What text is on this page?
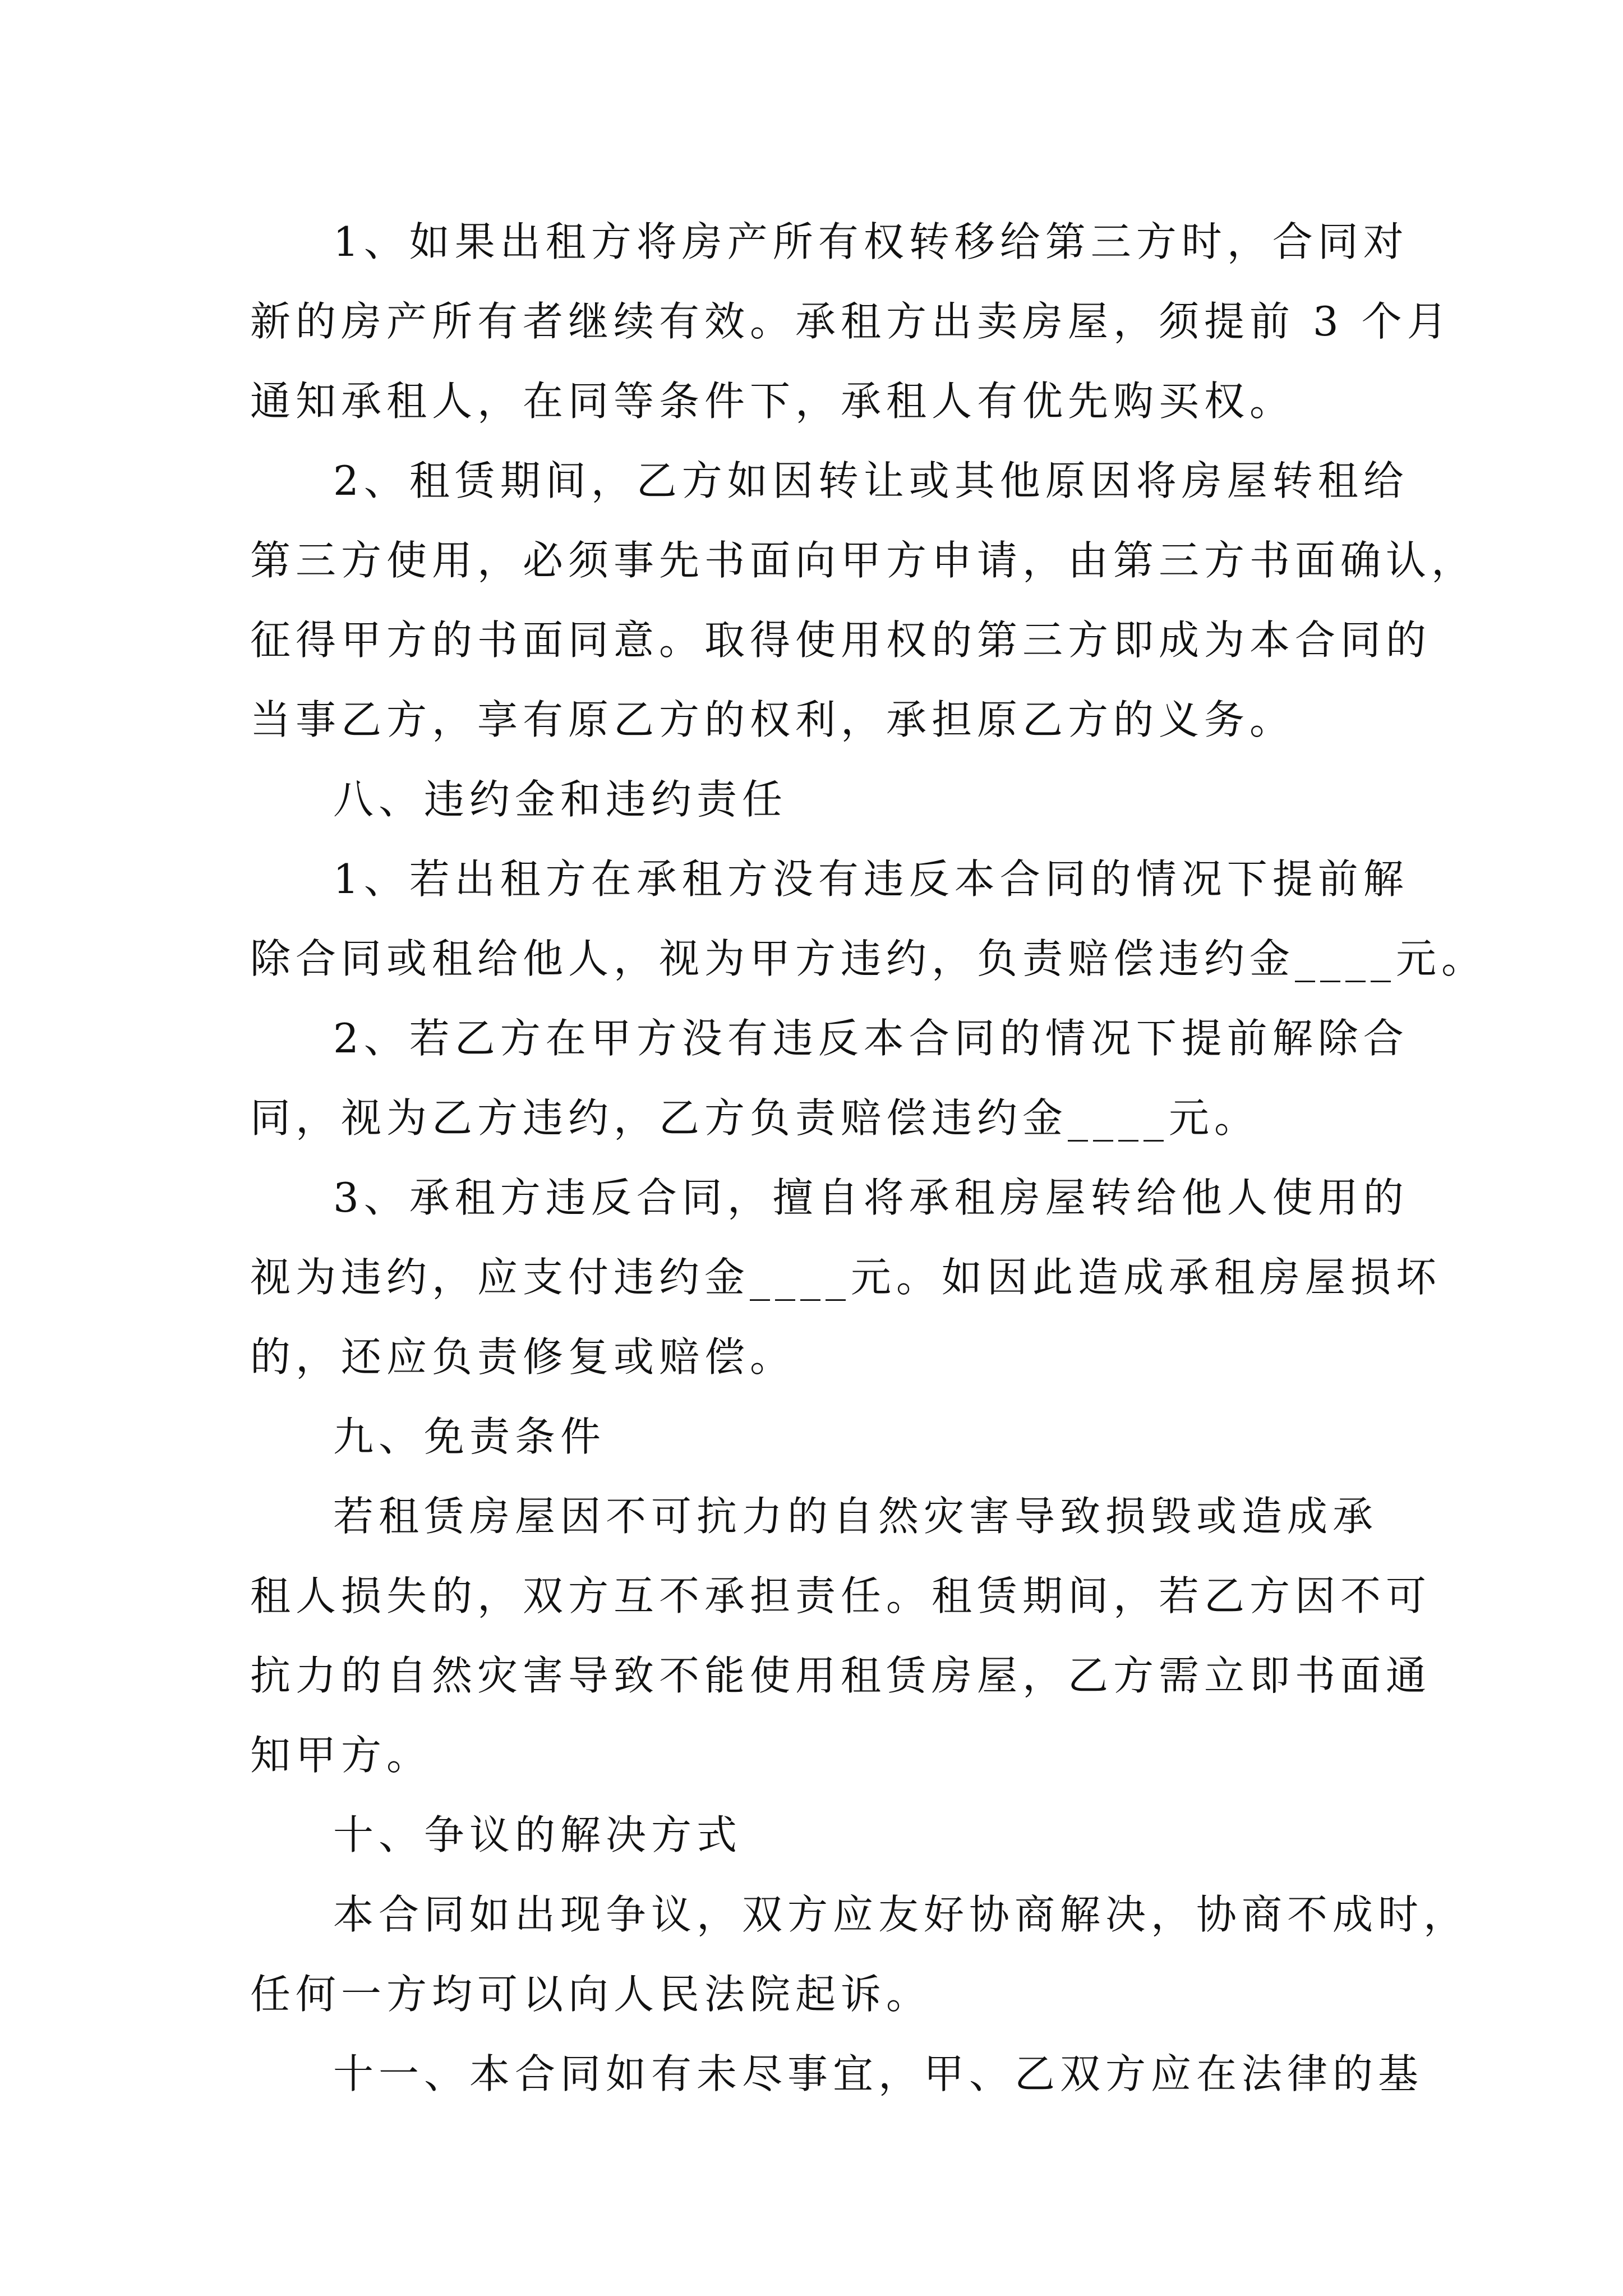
1、如果出租方将房产所有权转移给第三方时，合同对
新的房产所有者继续有效。承租方出卖房屋，须提前 3 个月
通知承租人，在同等条件下，承租人有优先购买权。
2、租赁期间，乙方如因转让或其他原因将房屋转租给
第三方使用，必须事先书面向甲方申请，由第三方书面确认，
征得甲方的书面同意。取得使用权的第三方即成为本合同的
当事乙方，享有原乙方的权利，承担原乙方的义务。
八、违约金和违约责任
1、若出租方在承租方没有违反本合同的情况下提前解
除合同或租给他人，视为甲方违约，负责赔偿违约金____元。
2、若乙方在甲方没有违反本合同的情况下提前解除合
同，视为乙方违约，乙方负责赔偿违约金____元。
3、承租方违反合同，擅自将承租房屋转给他人使用的
视为违约，应支付违约金____元。如因此造成承租房屋损坏
的，还应负责修复或赔偿。
九、免责条件
若租赁房屋因不可抗力的自然灾害导致损毁或造成承
租人损失的，双方互不承担责任。租赁期间，若乙方因不可
抗力的自然灾害导致不能使用租赁房屋，乙方需立即书面通
知甲方。
十、争议的解决方式
本合同如出现争议，双方应友好协商解决，协商不成时，
任何一方均可以向人民法院起诉。
十一、本合同如有未尽事宜，甲、乙双方应在法律的基
